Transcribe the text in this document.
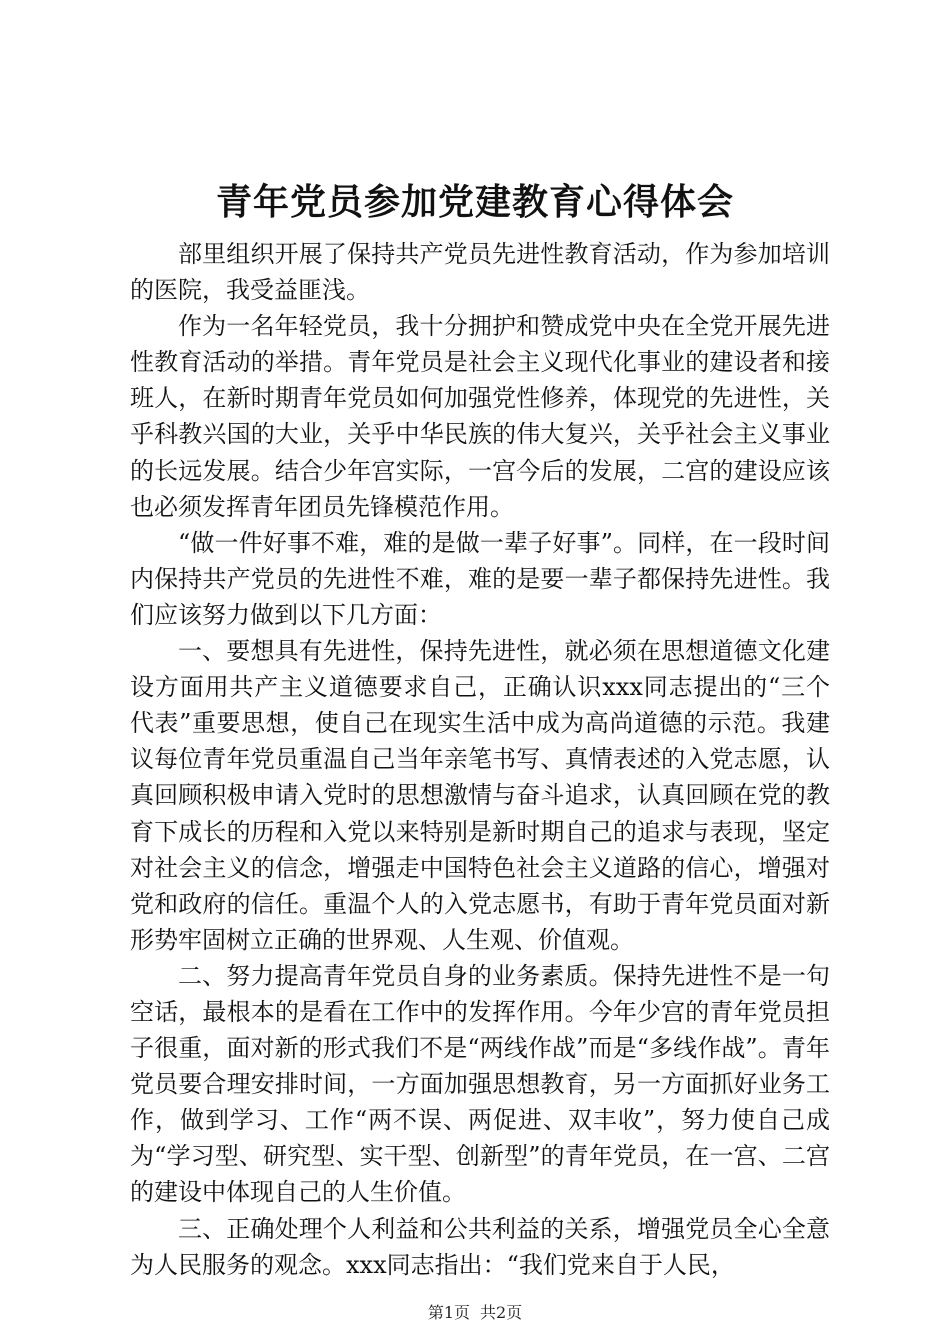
青年党员参加党建教育心得体会

部里组织开展了保持共产党员先进性教育活动，作为参加培训的医院，我受益匪浅。

作为一名年轻党员，我十分拥护和赞成党中央在全党开展先进性教育活动的举措。青年党员是社会主义现代化事业的建设者和接班人，在新时期青年党员如何加强党性修养，体现党的先进性，关乎科教兴国的大业，关乎中华民族的伟大复兴，关乎社会主义事业的长远发展。结合少年宫实际，一宫今后的发展，二宫的建设应该也必须发挥青年团员先锋模范作用。

“做一件好事不难，难的是做一辈子好事”。同样，在一段时间内保持共产党员的先进性不难，难的是要一辈子都保持先进性。我们应该努力做到以下几方面：

一、要想具有先进性，保持先进性，就必须在思想道德文化建设方面用共产主义道德要求自己，正确认识xxx同志提出的“三个代表”重要思想，使自己在现实生活中成为高尚道德的示范。我建议每位青年党员重温自己当年亲笔书写、真情表述的入党志愿，认真回顾积极申请入党时的思想激情与奋斗追求，认真回顾在党的教育下成长的历程和入党以来特别是新时期自己的追求与表现，坚定对社会主义的信念，增强走中国特色社会主义道路的信心，增强对党和政府的信任。重温个人的入党志愿书，有助于青年党员面对新形势牢固树立正确的世界观、人生观、价值观。

二、努力提高青年党员自身的业务素质。保持先进性不是一句空话，最根本的是看在工作中的发挥作用。今年少宫的青年党员担子很重，面对新的形式我们不是“两线作战”而是“多线作战”。青年党员要合理安排时间，一方面加强思想教育，另一方面抓好业务工作，做到学习、工作“两不误、两促进、双丰收”，努力使自己成为“学习型、研究型、实干型、创新型”的青年党员，在一宫、二宫的建设中体现自己的人生价值。

三、正确处理个人利益和公共利益的关系，增强党员全心全意为人民服务的观念。xxx同志指出：“我们党来自于人民，

第1页 共2页
